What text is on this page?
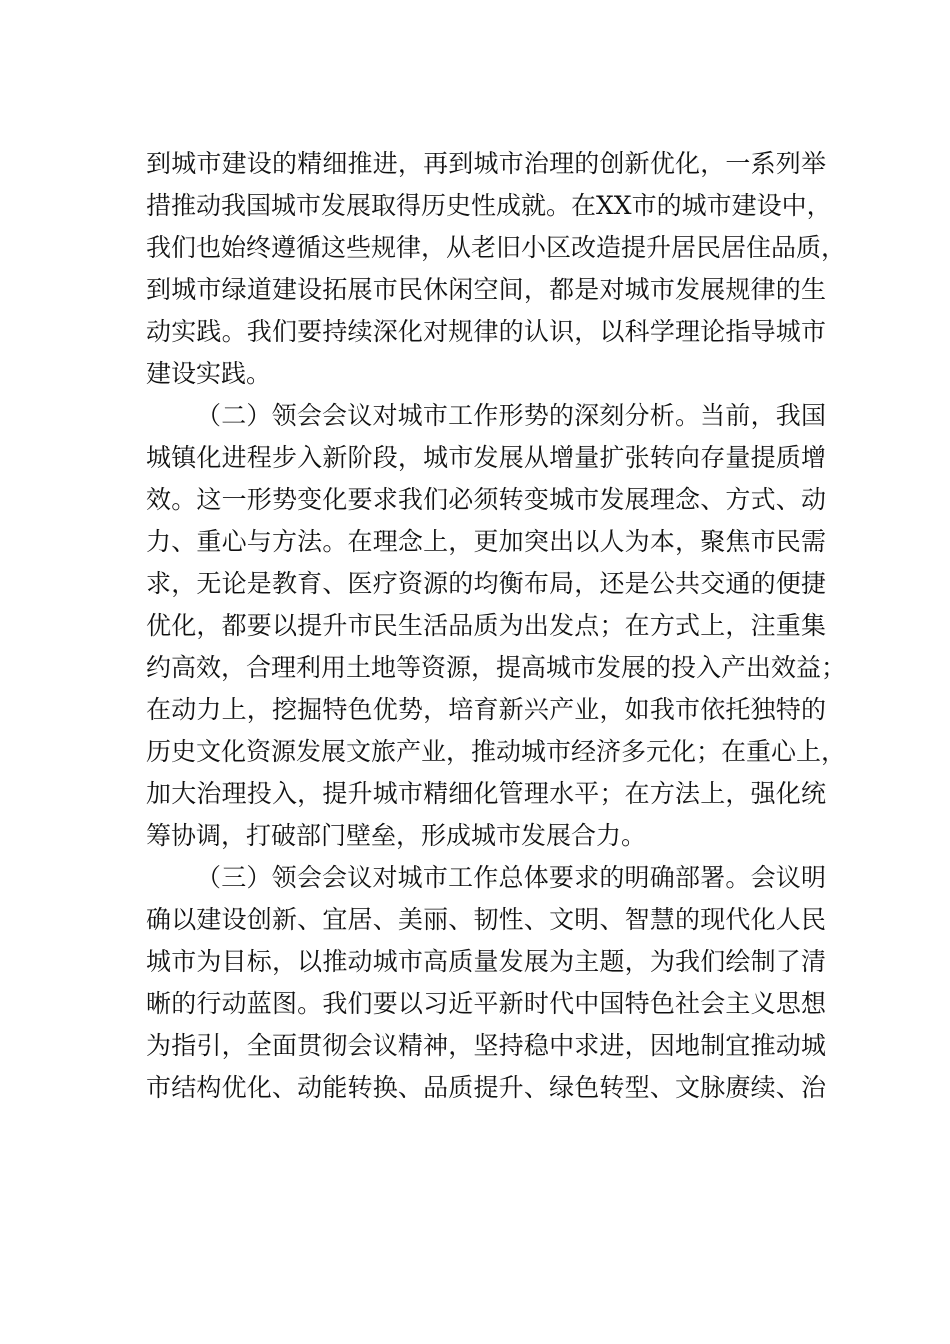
到城市建设的精细推进，再到城市治理的创新优化，一系列举
措推动我国城市发展取得历史性成就。在XX市的城市建设中，
我们也始终遵循这些规律，从老旧小区改造提升居民居住品质，
到城市绿道建设拓展市民休闲空间，都是对城市发展规律的生
动实践。我们要持续深化对规律的认识，以科学理论指导城市
建设实践。
（二）领会会议对城市工作形势的深刻分析。当前，我国
城镇化进程步入新阶段，城市发展从增量扩张转向存量提质增
效。这一形势变化要求我们必须转变城市发展理念、方式、动
力、重心与方法。在理念上，更加突出以人为本，聚焦市民需
求，无论是教育、医疗资源的均衡布局，还是公共交通的便捷
优化，都要以提升市民生活品质为出发点；在方式上，注重集
约高效，合理利用土地等资源，提高城市发展的投入产出效益；
在动力上，挖掘特色优势，培育新兴产业，如我市依托独特的
历史文化资源发展文旅产业，推动城市经济多元化；在重心上，
加大治理投入，提升城市精细化管理水平；在方法上，强化统
筹协调，打破部门壁垒，形成城市发展合力。
（三）领会会议对城市工作总体要求的明确部署。会议明
确以建设创新、宜居、美丽、韧性、文明、智慧的现代化人民
城市为目标，以推动城市高质量发展为主题，为我们绘制了清
晰的行动蓝图。我们要以习近平新时代中国特色社会主义思想
为指引，全面贯彻会议精神，坚持稳中求进，因地制宜推动城
市结构优化、动能转换、品质提升、绿色转型、文脉赓续、治
